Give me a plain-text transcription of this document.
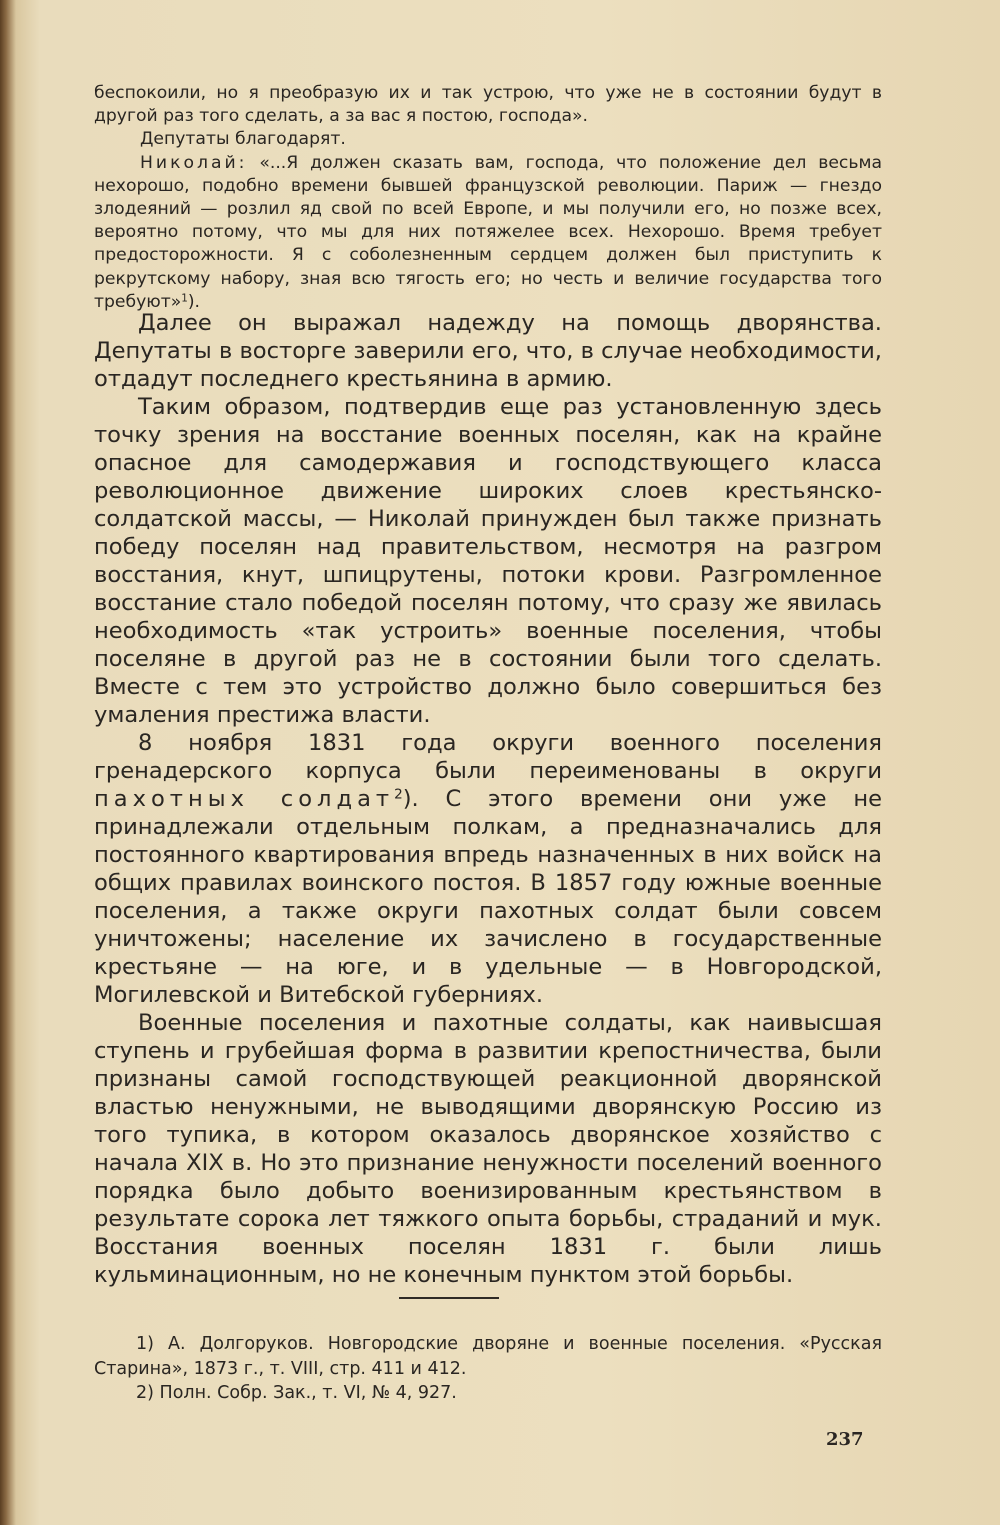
беспокоили, но я преобразую их и так устрою, что уже не в состоянии будут в другой раз того сделать, а за вас я постою, господа».

Депутаты благодарят.

Николай: «...Я должен сказать вам, господа, что положение дел весьма нехорошо, подобно времени бывшей французской революции. Париж — гнездо злодеяний — розлил яд свой по всей Европе, и мы получили его, но позже всех, вероятно потому, что мы для них потяжелее всех. Нехорошо. Время требует предосторожности. Я с соболезненным сердцем должен был приступить к рекрутскому набору, зная всю тягость его; но честь и величие государства того требуют»$^1$).

Далее он выражал надежду на помощь дворянства. Депутаты в восторге заверили его, что, в случае необходимости, отдадут последнего крестьянина в армию.

Таким образом, подтвердив еще раз установленную здесь точку зрения на восстание военных поселян, как на крайне опасное для самодержавия и господствующего класса революционное движение широких слоев крестьянско-солдатской массы, — Николай принужден был также признать победу поселян над правительством, несмотря на разгром восстания, кнут, шпицрутены, потоки крови. Разгромленное восстание стало победой поселян потому, что сразу же явилась необходимость «так устроить» военные поселения, чтобы поселяне в другой раз не в состоянии были того сделать. Вместе с тем это устройство должно было совершиться без умаления престижа власти.

8 ноября 1831 года округи военного поселения гренадерского корпуса были переименованы в округи пахотных солдат$^2$). С этого времени они уже не принадлежали отдельным полкам, а предназначались для постоянного квартирования впредь назначенных в них войск на общих правилах воинского постоя. В 1857 году южные военные поселения, а также округи пахотных солдат были совсем уничтожены; население их зачислено в государственные крестьяне — на юге, и в удельные — в Новгородской, Могилевской и Витебской губерниях.

Военные поселения и пахотные солдаты, как наивысшая ступень и грубейшая форма в развитии крепостничества, были признаны самой господствующей реакционной дворянской властью ненужными, не выводящими дворянскую Россию из того тупика, в котором оказалось дворянское хозяйство с начала XIX в. Но это признание ненужности поселений военного порядка было добыто военизированным крестьянством в результате сорока лет тяжкого опыта борьбы, страданий и мук. Восстания военных поселян 1831 г. были лишь кульминационным, но не конечным пунктом этой борьбы.

1) А. Долгоруков. Новгородские дворяне и военные поселения. «Русская Старина», 1873 г., т. VIII, стр. 411 и 412.

2) Полн. Собр. Зак., т. VI, № 4, 927.

237
